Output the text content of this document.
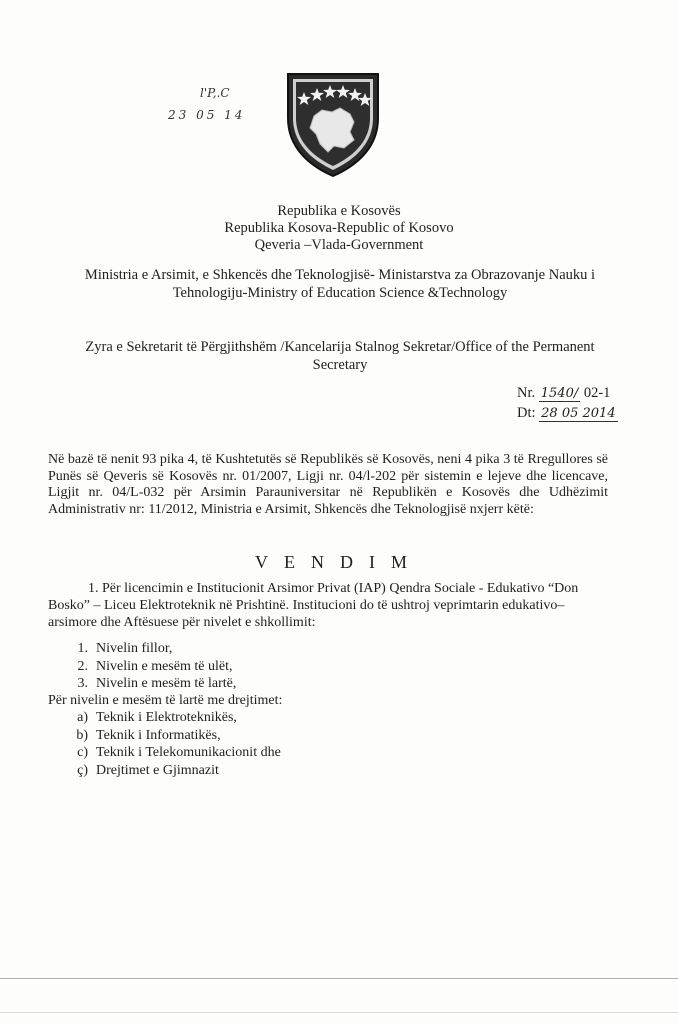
l'P,.C
23 05 14
Republika e Kosovës
Republika Kosova-Republic of Kosovo
Qeveria –Vlada-Government
Ministria e Arsimit, e Shkencës dhe Teknologjisë- Ministarstva za Obrazovanje Nauku i
Tehnologiju-Ministry of Education Science &Technology
Zyra e Sekretarit të Përgjithshëm /Kancelarija Stalnog Sekretar/Office of the Permanent
Secretary
Nr. 1540/ 02-1
Dt: 28 05 2014
Në bazë të nenit 93 pika 4, të Kushtetutës së Republikës së Kosovës, neni 4 pika 3 të Rregullores së Punës së Qeveris së Kosovës nr. 01/2007, Ligji nr. 04/l-202 për sistemin e lejeve dhe licencave, Ligjit nr. 04/L-032 për Arsimin Parauniversitar në Republikën e Kosovës dhe Udhëzimit Administrativ nr: 11/2012, Ministria e Arsimit, Shkencës dhe Teknologjisë nxjerr këtë:
VENDIM
1. Për licencimin e Institucionit Arsimor Privat (IAP) Qendra Sociale - Edukativo “Don
Bosko” – Liceu Elektroteknik në Prishtinë. Institucioni do të ushtroj veprimtarin edukativo–arsimore dhe Aftësuese për nivelet e shkollimit:
1. Nivelin fillor,
2. Nivelin e mesëm të ulët,
3. Nivelin e mesëm të lartë,
Për nivelin e mesëm të lartë me drejtimet:
a) Teknik i Elektroteknikës,
b) Teknik i Informatikës,
c) Teknik i Telekomunikacionit dhe
ç) Drejtimet e Gjimnazit
